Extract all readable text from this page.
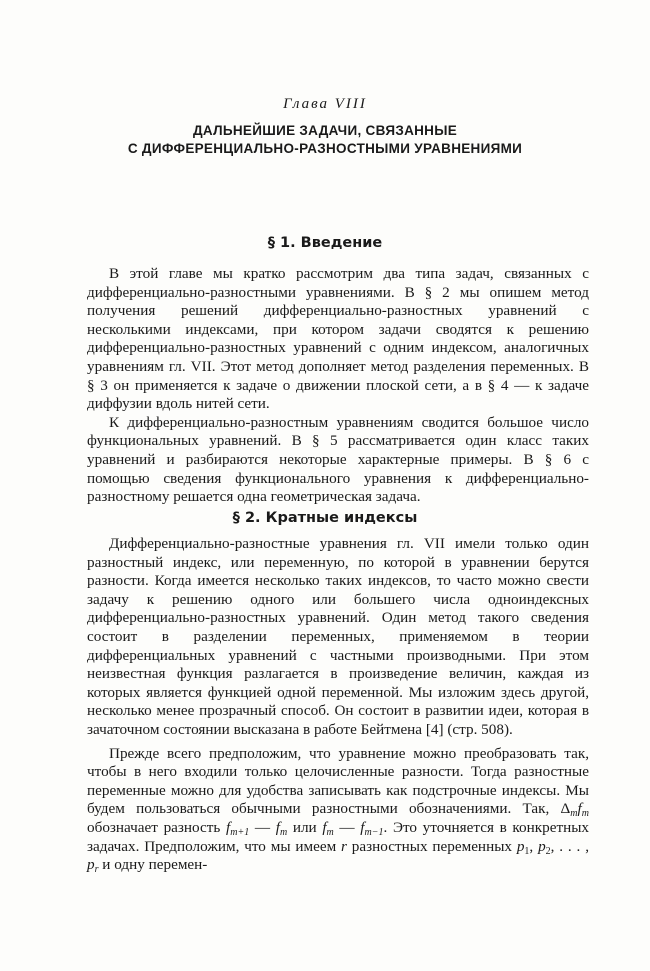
Глава VIII
ДАЛЬНЕЙШИЕ ЗАДАЧИ, СВЯЗАННЫЕ
С ДИФФЕРЕНЦИАЛЬНО-РАЗНОСТНЫМИ УРАВНЕНИЯМИ
§ 1. Введение

В этой главе мы кратко рассмотрим два типа задач, связанных с дифференциально-разностными уравнениями. В § 2 мы опишем метод получения решений дифференциально-разностных уравнений с несколькими индексами, при котором задачи сводятся к решению дифференциально-разностных уравнений с одним индексом, аналогичных уравнениям гл. VII. Этот метод дополняет метод разделения переменных. В § 3 он применяется к задаче о движении плоской сети, а в § 4 — к задаче диффузии вдоль нитей сети.

К дифференциально-разностным уравнениям сводится большое число функциональных уравнений. В § 5 рассматривается один класс таких уравнений и разбираются некоторые характерные примеры. В § 6 с помощью сведения функционального уравнения к дифференциально-разностному решается одна геометрическая задача.

§ 2. Кратные индексы

Дифференциально-разностные уравнения гл. VII имели только один разностный индекс, или переменную, по которой в уравнении берутся разности. Когда имеется несколько таких индексов, то часто можно свести задачу к решению одного или большего числа одноиндексных дифференциально-разностных уравнений. Один метод такого сведения состоит в разделении переменных, применяемом в теории дифференциальных уравнений с частными производными. При этом неизвестная функция разлагается в произведение величин, каждая из которых является функцией одной переменной. Мы изложим здесь другой, несколько менее прозрачный способ. Он состоит в развитии идеи, которая в зачаточном состоянии высказана в работе Бейтмена [4] (стр. 508).

Прежде всего предположим, что уравнение можно преобразовать так, чтобы в него входили только целочисленные разности. Тогда разностные переменные можно для удобства записывать как подстрочные индексы. Мы будем пользоваться обычными разностными обозначениями. Так, $\Delta_mf_m$ обозначает разность $f_{m+1}$ — $f_m$ или $f_m$ — $f_{m-1}$. Это уточняется в конкретных задачах. Предположим, что мы имеем r разностных переменных $p_1$, $p_2$, . . . , $p_r$ и одну перемен-
